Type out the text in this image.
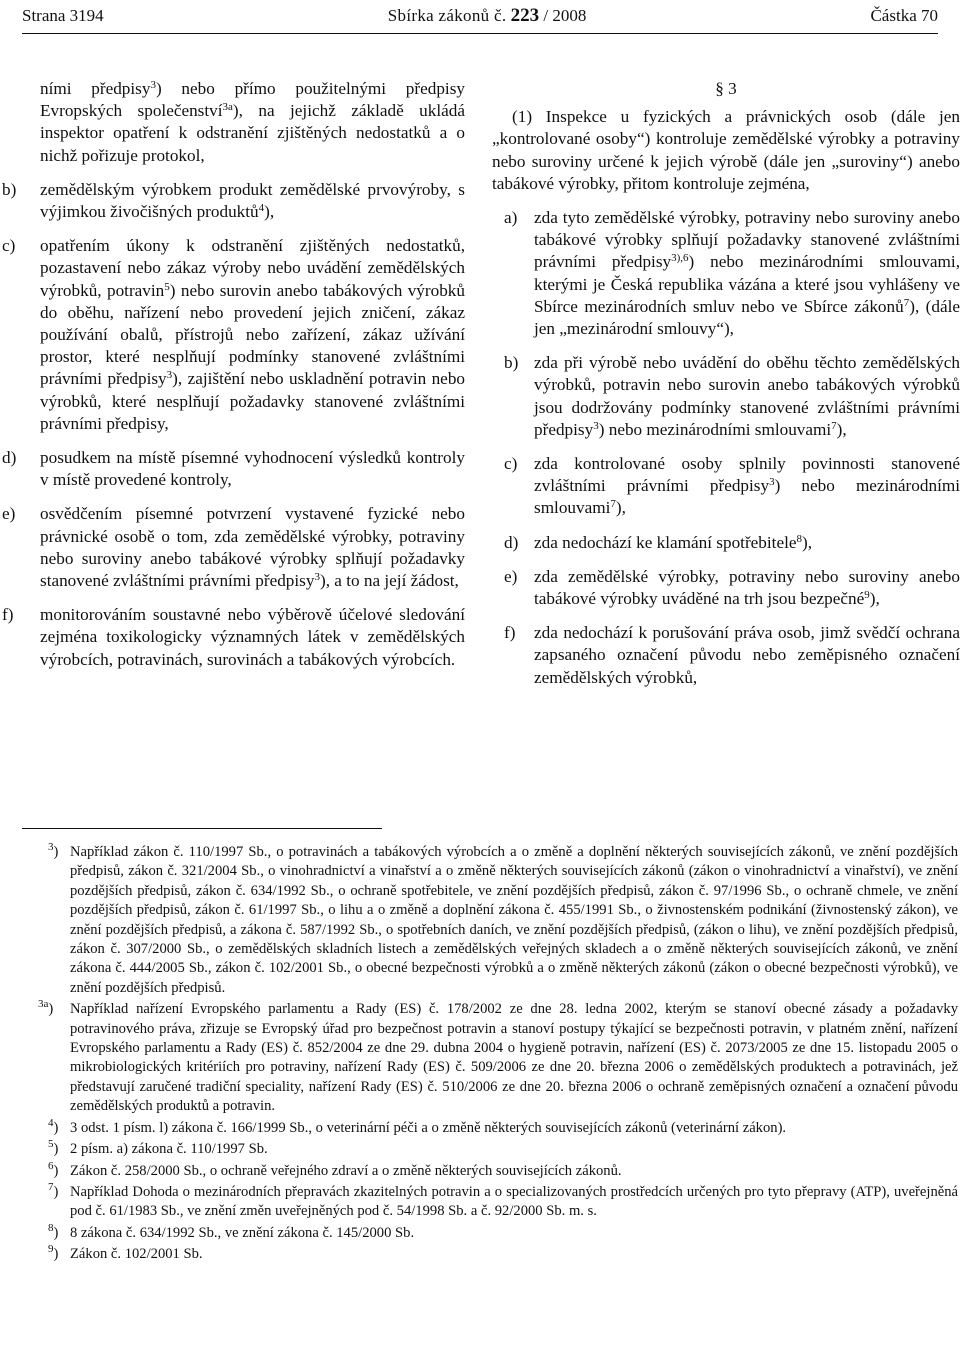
Strana 3194	Sbírka zákonů č. 223 / 2008	Částka 70

ními předpisy$^3$) nebo přímo použitelnými předpisy Evropských společenství$^{3a}$), na jejichž základě ukládá inspektor opatření k odstranění zjištěných nedostatků a o nichž pořizuje protokol,

b) zemědělským výrobkem produkt zemědělské prvovýroby, s výjimkou živočišných produktů$^4$),

c) opatřením úkony k odstranění zjištěných nedostatků, pozastavení nebo zákaz výroby nebo uvádění zemědělských výrobků, potravin$^5$) nebo surovin anebo tabákových výrobků do oběhu, nařízení nebo provedení jejich zničení, zákaz používání obalů, přístrojů nebo zařízení, zákaz užívání prostor, které nesplňují podmínky stanovené zvláštními právními předpisy$^3$), zajištění nebo uskladnění potravin nebo výrobků, které nesplňují požadavky stanovené zvláštními právními předpisy,

d) posudkem na místě písemné vyhodnocení výsledků kontroly v místě provedené kontroly,

e) osvědčením písemné potvrzení vystavené fyzické nebo právnické osobě o tom, zda zemědělské výrobky, potraviny nebo suroviny anebo tabákové výrobky splňují požadavky stanovené zvláštními právními předpisy$^3$), a to na její žádost,

f) monitorováním soustavné nebo výběrově účelové sledování zejména toxikologicky významných látek v zemědělských výrobcích, potravinách, surovinách a tabákových výrobcích.

§ 3

(1) Inspekce u fyzických a právnických osob (dále jen „kontrolované osoby“) kontroluje zemědělské výrobky a potraviny nebo suroviny určené k jejich výrobě (dále jen „suroviny“) anebo tabákové výrobky, přitom kontroluje zejména,

a) zda tyto zemědělské výrobky, potraviny nebo suroviny anebo tabákové výrobky splňují požadavky stanovené zvláštními právními předpisy$^{3),6}$) nebo mezinárodními smlouvami, kterými je Česká republika vázána a které jsou vyhlášeny ve Sbírce mezinárodních smluv nebo ve Sbírce zákonů$^7$), (dále jen „mezinárodní smlouvy“),

b) zda při výrobě nebo uvádění do oběhu těchto zemědělských výrobků, potravin nebo surovin anebo tabákových výrobků jsou dodržovány podmínky stanovené zvláštními právními předpisy$^3$) nebo mezinárodními smlouvami$^7$),

c) zda kontrolované osoby splnily povinnosti stanovené zvláštními právními předpisy$^3$) nebo mezinárodními smlouvami$^7$),

d) zda nedochází ke klamání spotřebitele$^8$),

e) zda zemědělské výrobky, potraviny nebo suroviny anebo tabákové výrobky uváděné na trh jsou bezpečné$^9$),

f) zda nedochází k porušování práva osob, jimž svědčí ochrana zapsaného označení původu nebo zeměpisného označení zemědělských výrobků,

$^3$) Například zákon č. 110/1997 Sb., o potravinách a tabákových výrobcích a o změně a doplnění některých souvisejících zákonů, ve znění pozdějších předpisů, zákon č. 321/2004 Sb., o vinohradnictví a vinařství a o změně některých souvisejících zákonů (zákon o vinohradnictví a vinařství), ve znění pozdějších předpisů, zákon č. 634/1992 Sb., o ochraně spotřebitele, ve znění pozdějších předpisů, zákon č. 97/1996 Sb., o ochraně chmele, ve znění pozdějších předpisů, zákon č. 61/1997 Sb., o lihu a o změně a doplnění zákona č. 455/1991 Sb., o živnostenském podnikání (živnostenský zákon), ve znění pozdějších předpisů, a zákona č. 587/1992 Sb., o spotřebních daních, ve znění pozdějších předpisů, (zákon o lihu), ve znění pozdějších předpisů, zákon č. 307/2000 Sb., o zemědělských skladních listech a zemědělských veřejných skladech a o změně některých souvisejících zákonů, ve znění zákona č. 444/2005 Sb., zákon č. 102/2001 Sb., o obecné bezpečnosti výrobků a o změně některých zákonů (zákon o obecné bezpečnosti výrobků), ve znění pozdějších předpisů.
$^{3a}$) Například nařízení Evropského parlamentu a Rady (ES) č. 178/2002 ze dne 28. ledna 2002, kterým se stanoví obecné zásady a požadavky potravinového práva, zřizuje se Evropský úřad pro bezpečnost potravin a stanoví postupy týkající se bezpečnosti potravin, v platném znění, nařízení Evropského parlamentu a Rady (ES) č. 852/2004 ze dne 29. dubna 2004 o hygieně potravin, nařízení (ES) č. 2073/2005 ze dne 15. listopadu 2005 o mikrobiologických kritériích pro potraviny, nařízení Rady (ES) č. 509/2006 ze dne 20. března 2006 o zemědělských produktech a potravinách, jež představují zaručené tradiční speciality, nařízení Rady (ES) č. 510/2006 ze dne 20. března 2006 o ochraně zeměpisných označení a označení původu zemědělských produktů a potravin.
$^4$) 3 odst. 1 písm. l) zákona č. 166/1999 Sb., o veterinární péči a o změně některých souvisejících zákonů (veterinární zákon).
$^5$) 2 písm. a) zákona č. 110/1997 Sb.
$^6$) Zákon č. 258/2000 Sb., o ochraně veřejného zdraví a o změně některých souvisejících zákonů.
$^7$) Například Dohoda o mezinárodních přepravách zkazitelných potravin a o specializovaných prostředcích určených pro tyto přepravy (ATP), uveřejněná pod č. 61/1983 Sb., ve znění změn uveřejněných pod č. 54/1998 Sb. a č. 92/2000 Sb. m. s.
$^8$) 8 zákona č. 634/1992 Sb., ve znění zákona č. 145/2000 Sb.
$^9$) Zákon č. 102/2001 Sb.
